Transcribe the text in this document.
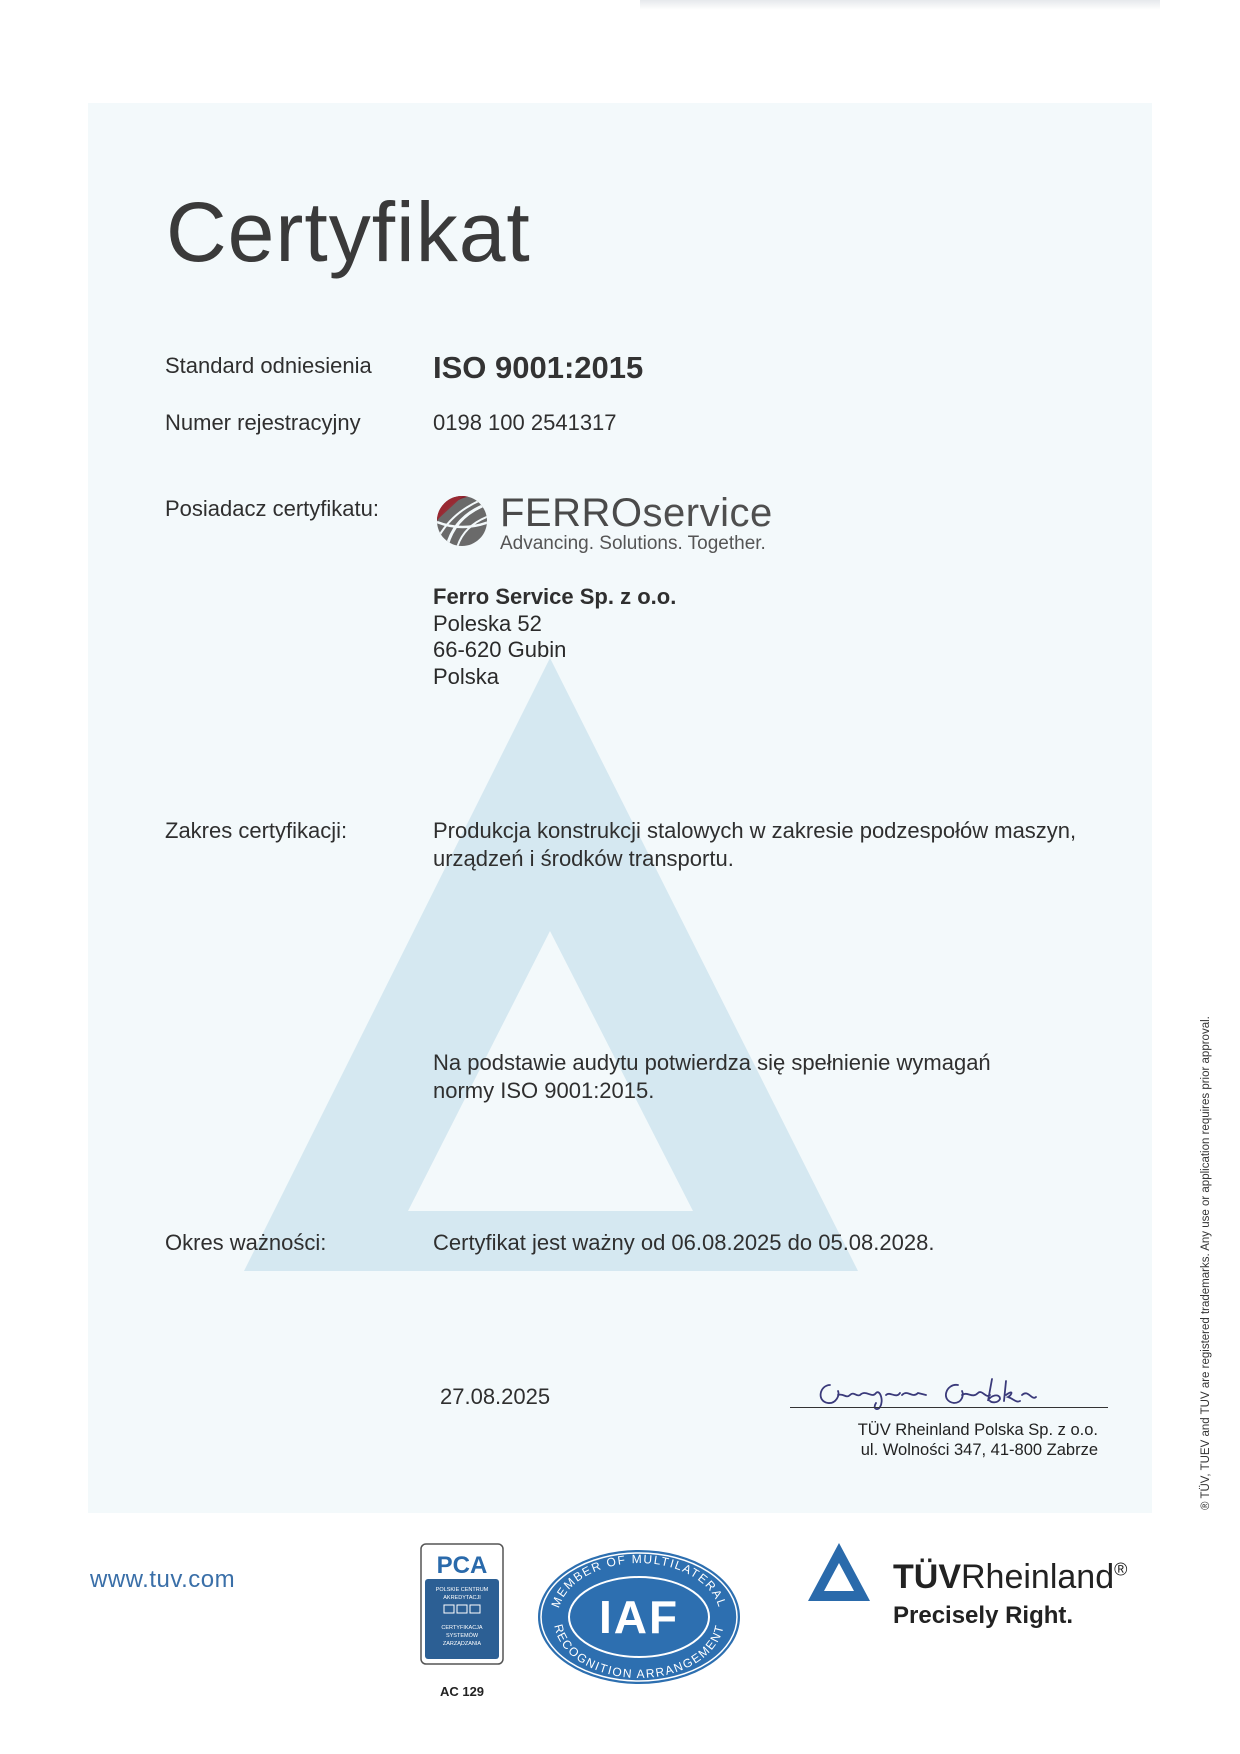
Certyfikat
Standard odniesienia ISO 9001:2015
Numer rejestracyjny	0198 100 2541317
Posiadacz certyfikatu:	FERROservice
Advancing. Solutions. Together.
Ferro Service Sp. z o.o.
Poleska 52
66-620 Gubin
Polska
Zakres certyfikacji:	Produkcja konstrukcji stalowych w zakresie podzespołów maszyn,
urządzeń i środków transportu.
Na podstawie audytu potwierdza się spełnienie wymagań
normy ISO 9001:2015.
Okres ważności:	Certyfikat jest ważny od 06.08.2025 do 05.08.2028.
27.08.2025
TÜV Rheinland Polska Sp. z o.o.
ul. Wolności 347, 41-800 Zabrze	® TÜV, TUEV and TUV are registered trademarks. Any use or application requires prior approval.
www.tuv.com
PCA
POLSKIE CENTRUM
AKREDYTACJI
CERTYFIKACJA
SYSTEMÓW
ZARZĄDZANIA
AC 129
MEMBER OF MULTILATERAL
RECOGNITION ARRANGEMENT
IAF
TÜVRheinland®
Precisely Right.
